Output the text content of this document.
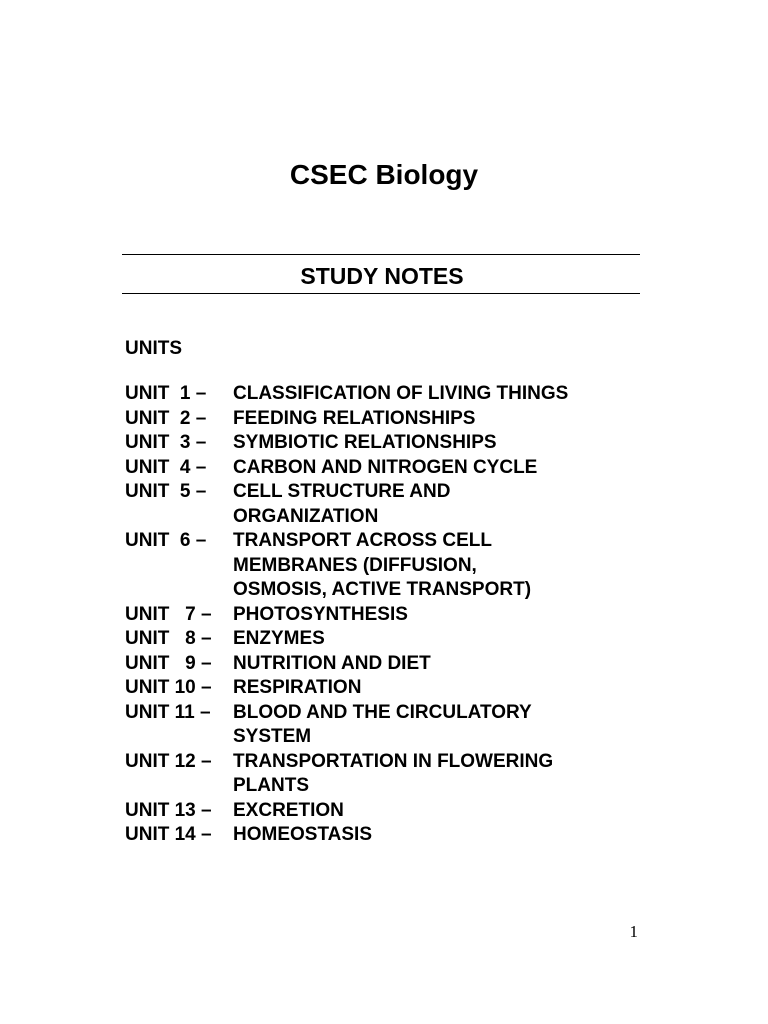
CSEC Biology
STUDY NOTES
UNITS
UNIT  1 –	CLASSIFICATION OF LIVING THINGS
UNIT  2 –	FEEDING RELATIONSHIPS
UNIT  3 –	SYMBIOTIC RELATIONSHIPS
UNIT  4 –	CARBON AND NITROGEN CYCLE
UNIT  5 –	CELL STRUCTURE AND
ORGANIZATION
UNIT  6 –	TRANSPORT ACROSS CELL
MEMBRANES (DIFFUSION,
OSMOSIS, ACTIVE TRANSPORT)
UNIT   7 –	PHOTOSYNTHESIS
UNIT   8 –	ENZYMES
UNIT   9 –	NUTRITION AND DIET
UNIT 10 –	RESPIRATION
UNIT 11 –	BLOOD AND THE CIRCULATORY
SYSTEM
UNIT 12 –	TRANSPORTATION IN FLOWERING
PLANTS
UNIT 13 –	EXCRETION
UNIT 14 –	HOMEOSTASIS
1
